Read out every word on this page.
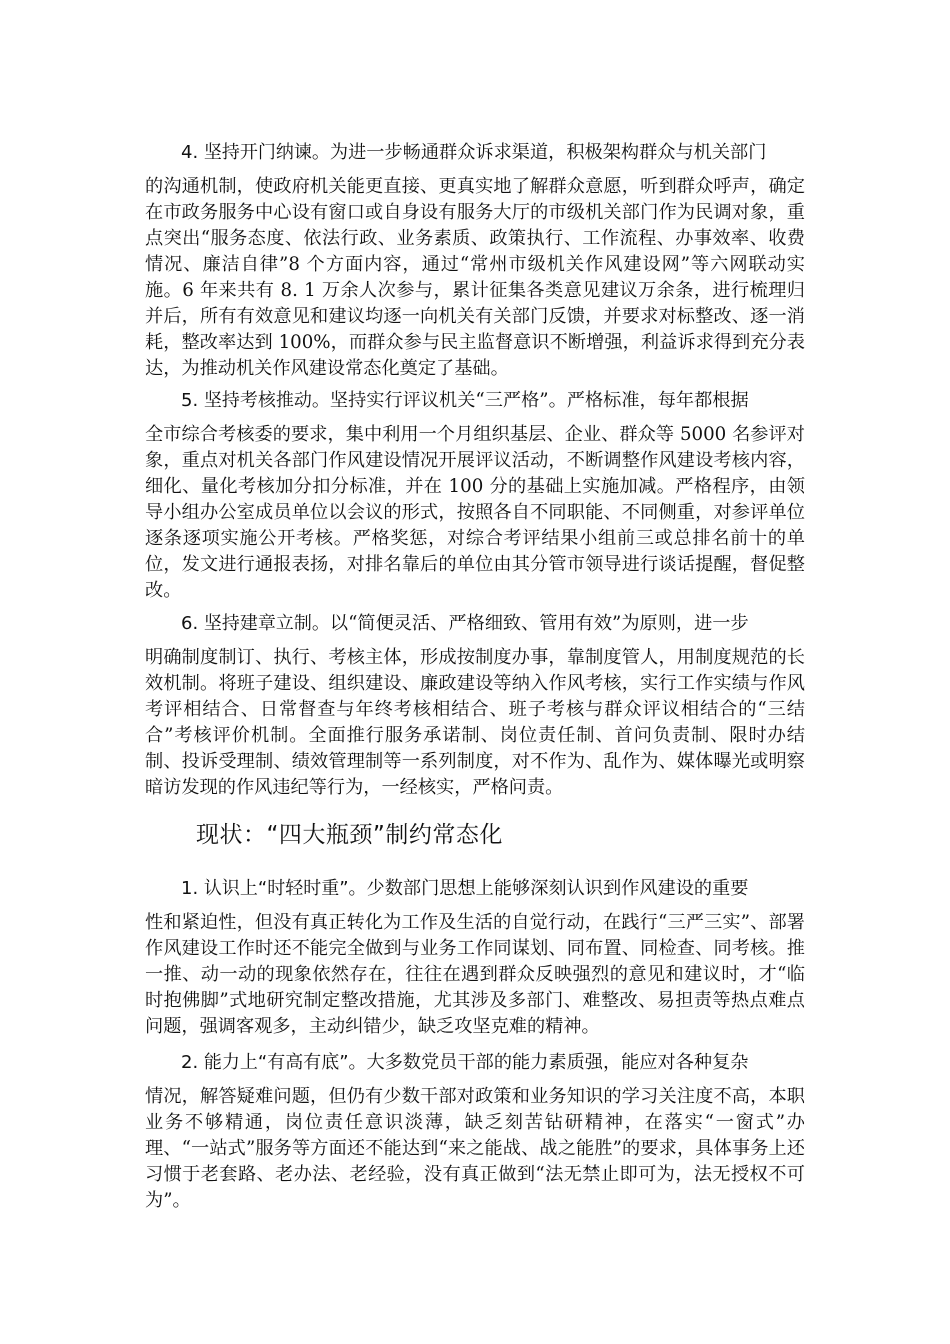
4. 坚持开门纳谏。为进一步畅通群众诉求渠道，积极架构群众与机关部门
的沟通机制，使政府机关能更直接、更真实地了解群众意愿，听到群众呼声，确定在市政务服务中心设有窗口或自身设有服务大厅的市级机关部门作为民调对象，重点突出“服务态度、依法行政、业务素质、政策执行、工作流程、办事效率、收费情况、廉洁自律”8 个方面内容，通过“常州市级机关作风建设网”等六网联动实施。6 年来共有 8. 1 万余人次参与，累计征集各类意见建议万余条，进行梳理归并后，所有有效意见和建议均逐一向机关有关部门反馈，并要求对标整改、逐一消耗，整改率达到 100%，而群众参与民主监督意识不断增强，利益诉求得到充分表达，为推动机关作风建设常态化奠定了基础。
5. 坚持考核推动。坚持实行评议机关“三严格”。严格标准，每年都根据
全市综合考核委的要求，集中利用一个月组织基层、企业、群众等 5000 名参评对象，重点对机关各部门作风建设情况开展评议活动，不断调整作风建设考核内容，细化、量化考核加分扣分标准，并在 100 分的基础上实施加减。严格程序，由领导小组办公室成员单位以会议的形式，按照各自不同职能、不同侧重，对参评单位逐条逐项实施公开考核。严格奖惩，对综合考评结果小组前三或总排名前十的单位，发文进行通报表扬，对排名靠后的单位由其分管市领导进行谈话提醒，督促整改。
6. 坚持建章立制。以“简便灵活、严格细致、管用有效”为原则，进一步
明确制度制订、执行、考核主体，形成按制度办事，靠制度管人，用制度规范的长效机制。将班子建设、组织建设、廉政建设等纳入作风考核，实行工作实绩与作风考评相结合、日常督查与年终考核相结合、班子考核与群众评议相结合的“三结合”考核评价机制。全面推行服务承诺制、岗位责任制、首问负责制、限时办结制、投诉受理制、绩效管理制等一系列制度，对不作为、乱作为、媒体曝光或明察暗访发现的作风违纪等行为，一经核实，严格问责。
现状：“四大瓶颈”制约常态化
1. 认识上“时轻时重”。少数部门思想上能够深刻认识到作风建设的重要
性和紧迫性，但没有真正转化为工作及生活的自觉行动，在践行“三严三实”、部署作风建设工作时还不能完全做到与业务工作同谋划、同布置、同检查、同考核。推一推、动一动的现象依然存在，往往在遇到群众反映强烈的意见和建议时，才“临时抱佛脚”式地研究制定整改措施，尤其涉及多部门、难整改、易担责等热点难点问题，强调客观多，主动纠错少，缺乏攻坚克难的精神。
2. 能力上“有高有底”。大多数党员干部的能力素质强，能应对各种复杂
情况，解答疑难问题，但仍有少数干部对政策和业务知识的学习关注度不高，本职业务不够精通，岗位责任意识淡薄，缺乏刻苦钻研精神，在落实“一窗式”办理、“一站式”服务等方面还不能达到“来之能战、战之能胜”的要求，具体事务上还习惯于老套路、老办法、老经验，没有真正做到“法无禁止即可为，法无授权不可为”。
